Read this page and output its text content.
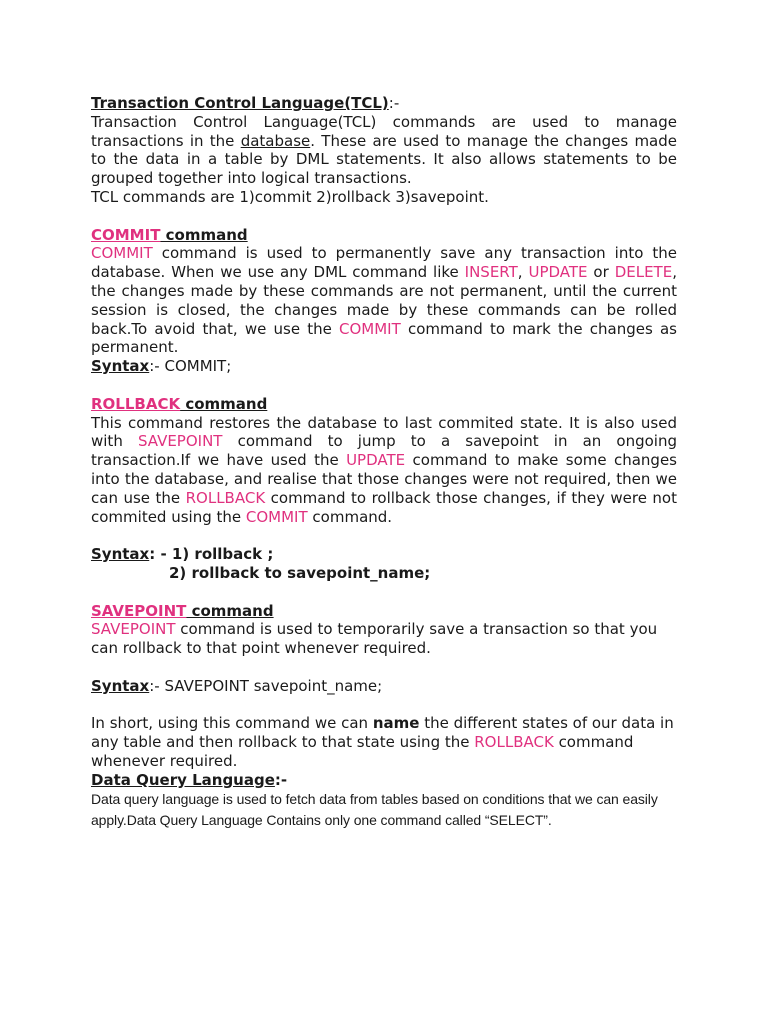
Transaction Control Language(TCL):-

Transaction Control Language(TCL) commands are used to manage transactions in the database. These are used to manage the changes made to the data in a table by DML statements. It also allows statements to be grouped together into logical transactions.

TCL commands are 1)commit 2)rollback 3)savepoint.

COMMIT command

COMMIT command is used to permanently save any transaction into the database. When we use any DML command like INSERT, UPDATE or DELETE, the changes made by these commands are not permanent, until the current session is closed, the changes made by these commands can be rolled back.To avoid that, we use the COMMIT command to mark the changes as permanent.

Syntax:- COMMIT;

ROLLBACK command

This command restores the database to last commited state. It is also used with SAVEPOINT command to jump to a savepoint in an ongoing transaction.If we have used the UPDATE command to make some changes into the database, and realise that those changes were not required, then we can use the ROLLBACK command to rollback those changes, if they were not commited using the COMMIT command.

Syntax: - 1) rollback ;

2) rollback to savepoint_name;

SAVEPOINT command

SAVEPOINT command is used to temporarily save a transaction so that you can rollback to that point whenever required.

Syntax:- SAVEPOINT savepoint_name;

In short, using this command we can name the different states of our data in any table and then rollback to that state using the ROLLBACK command whenever required.

Data Query Language:-

Data query language is used to fetch data from tables based on conditions that we can easily apply.Data Query Language Contains only one command called “SELECT”.
